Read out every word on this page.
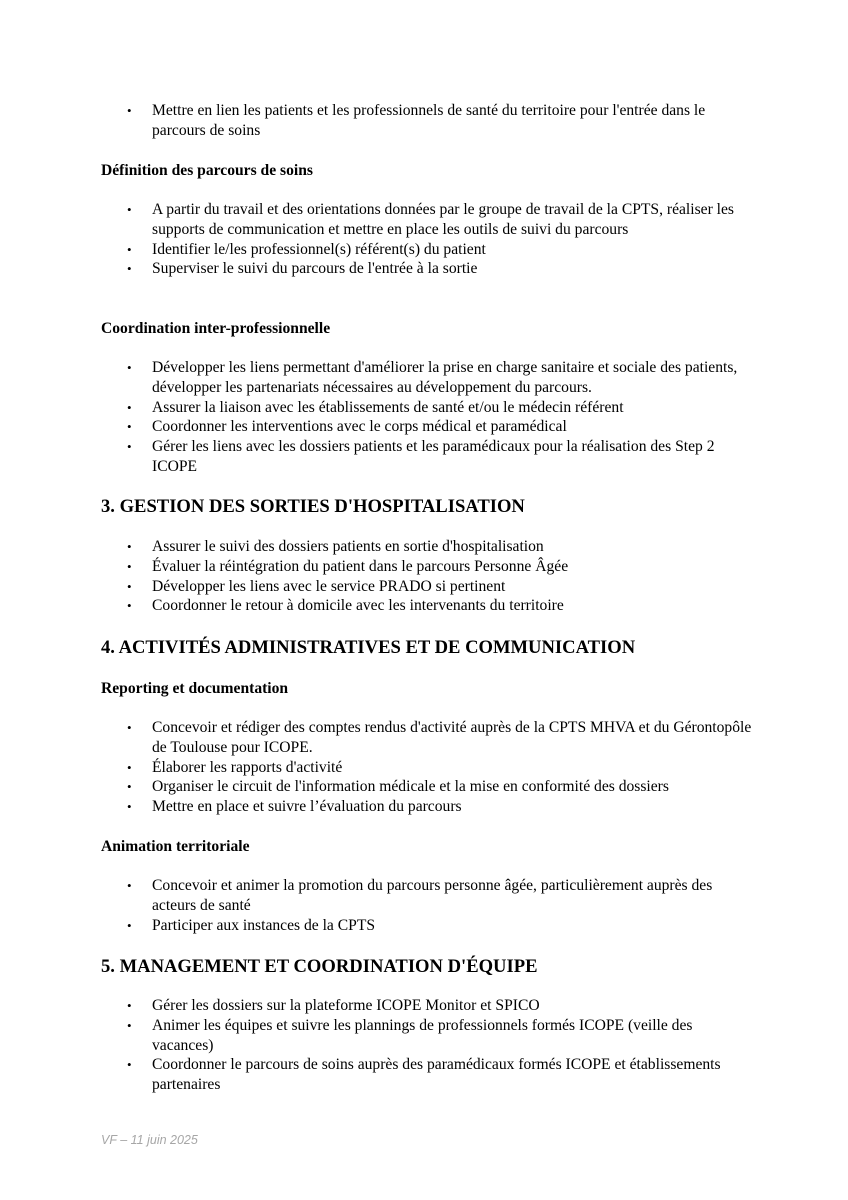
•	Mettre en lien les patients et les professionnels de santé du territoire pour l'entrée dans le parcours de soins
Définition des parcours de soins
•	A partir du travail et des orientations données par le groupe de travail de la CPTS, réaliser les supports de communication et mettre en place les outils de suivi du parcours
•	Identifier le/les professionnel(s) référent(s) du patient
•	Superviser le suivi du parcours de l'entrée à la sortie
Coordination inter-professionnelle
•	Développer les liens permettant d'améliorer la prise en charge sanitaire et sociale des patients, développer les partenariats nécessaires au développement du parcours.
•	Assurer la liaison avec les établissements de santé et/ou le médecin référent
•	Coordonner les interventions avec le corps médical et paramédical
•	Gérer les liens avec les dossiers patients et les paramédicaux pour la réalisation des Step 2 ICOPE
3. GESTION DES SORTIES D'HOSPITALISATION
•	Assurer le suivi des dossiers patients en sortie d'hospitalisation
•	Évaluer la réintégration du patient dans le parcours Personne Âgée
•	Développer les liens avec le service PRADO si pertinent
•	Coordonner le retour à domicile avec les intervenants du territoire
4. ACTIVITÉS ADMINISTRATIVES ET DE COMMUNICATION
Reporting et documentation
•	Concevoir et rédiger des comptes rendus d'activité auprès de la CPTS MHVA et du Gérontopôle de Toulouse pour ICOPE.
•	Élaborer les rapports d'activité
•	Organiser le circuit de l'information médicale et la mise en conformité des dossiers
•	Mettre en place et suivre l’évaluation du parcours
Animation territoriale
•	Concevoir et animer la promotion du parcours personne âgée, particulièrement auprès des acteurs de santé
•	Participer aux instances de la CPTS
5. MANAGEMENT ET COORDINATION D'ÉQUIPE
•	Gérer les dossiers sur la plateforme ICOPE Monitor et SPICO
•	Animer les équipes et suivre les plannings de professionnels formés ICOPE (veille des vacances)
•	Coordonner le parcours de soins auprès des paramédicaux formés ICOPE et établissements partenaires
VF – 11 juin 2025
